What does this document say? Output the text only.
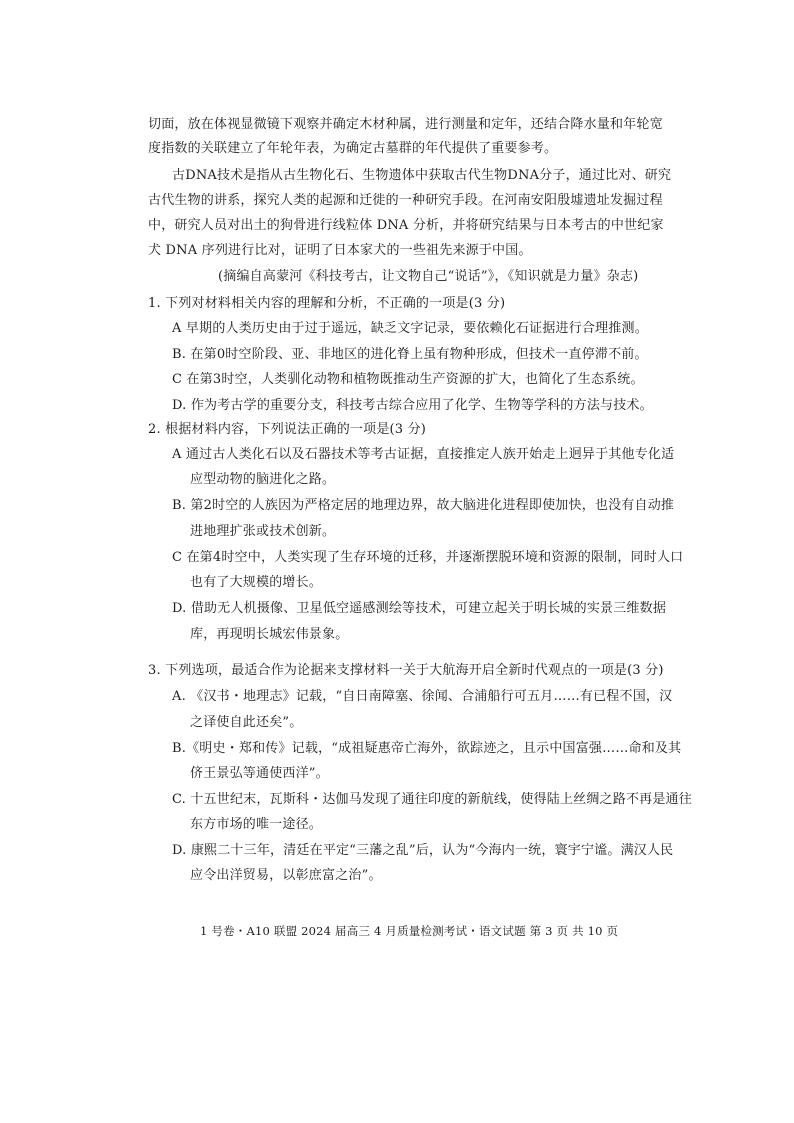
切面，放在体视显微镜下观察并确定木材种属，进行测量和定年，还结合降水量和年轮宽
度指数的关联建立了年轮年表，为确定古墓群的年代提供了重要参考。
古DNA技术是指从古生物化石、生物遗体中获取古代生物DNA分子，通过比对、研究
古代生物的讲系，探究人类的起源和迁徙的一种研究手段。在河南安阳殷墟遗址发掘过程
中，研究人员对出土的狗骨进行线粒体 DNA 分析，并将研究结果与日本考古的中世纪家
犬 DNA 序列进行比对，证明了日本家犬的一些祖先来源于中国。
(摘编自高蒙河《科技考古，让文物自己“说话”》，《知识就是力量》杂志)
1. 下列对材料相关内容的理解和分析，不正确的一项是(3 分)
A 早期的人类历史由于过于遥远，缺乏文字记录，要依赖化石证据进行合理推测。
B. 在第0时空阶段、亚、非地区的进化脊上虽有物种形成，但技术一直停滞不前。
C 在第3时空，人类驯化动物和植物既推动生产资源的扩大，也简化了生态系统。
D. 作为考古学的重要分支，科技考古综合应用了化学、生物等学科的方法与技术。
2. 根据材料内容，下列说法正确的一项是(3 分)
A 通过古人类化石以及石器技术等考古证据，直接推定人族开始走上迥异于其他专化适
应型动物的脑进化之路。
B. 第2时空的人族因为严格定居的地理边界，故大脑进化进程即使加快，也没有自动推
进地理扩张或技术创新。
C 在第4时空中，人类实现了生存环境的迁移，并逐渐摆脱环境和资源的限制，同时人口
也有了大规模的增长。
D. 借助无人机摄像、卫星低空遥感测绘等技术，可建立起关于明长城的实景三维数据
库，再现明长城宏伟景象。
3. 下列选项，最适合作为论据来支撑材料一关于大航海开启全新时代观点的一项是(3 分)
A. 《汉书・地理志》记载，“自日南障塞、徐闻、合浦船行可五月……有已程不国，汉
之译使自此还矣”。
B.《明史・郑和传》记载，“成祖疑惠帝亡海外，欲踪迹之，且示中国富强……命和及其
侪王景弘等通使西洋”。
C. 十五世纪末，瓦斯科・达伽马发现了通往印度的新航线，使得陆上丝绸之路不再是通往
东方市场的唯一途径。
D. 康熙二十三年，清廷在平定“三藩之乱”后，认为“今海内一统，寰宇宁谧。满汉人民
应令出洋贸易，以彰庶富之治”。
1 号卷・A10 联盟 2024 届高三 4 月质量检测考试・语文试题 第 3 页 共 10 页
